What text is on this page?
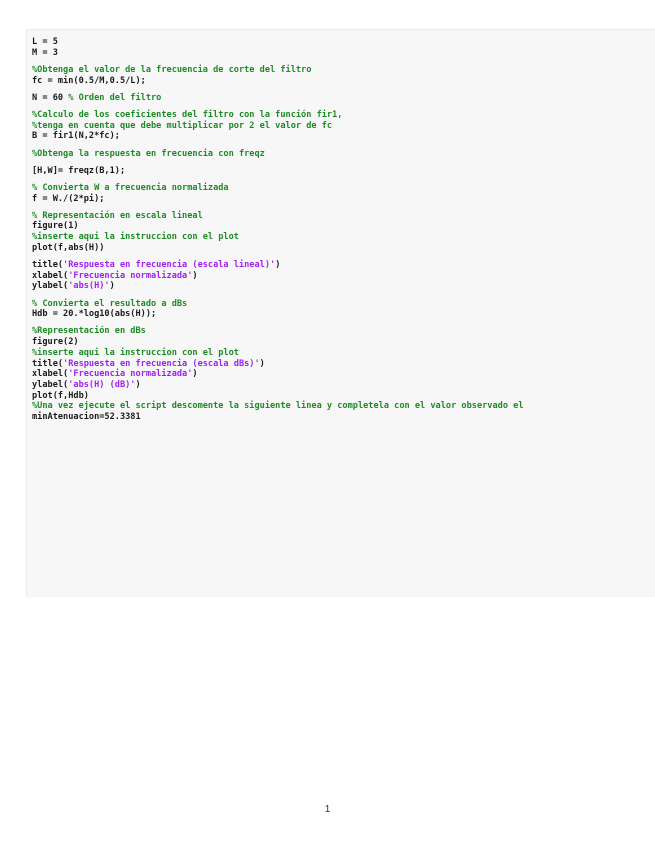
L = 5
M = 3
%Obtenga el valor de la frecuencia de corte del filtro
fc = min(0.5/M,0.5/L);
N = 60 % Orden del filtro
%Calculo de los coeficientes del filtro con la función fir1,
%tenga en cuenta que debe multiplicar por 2 el valor de fc
B = fir1(N,2*fc);
%Obtenga la respuesta en frecuencia con freqz
[H,W]= freqz(B,1);
% Convierta W a frecuencia normalizada
f = W./(2*pi);
% Representación en escala lineal
figure(1)
%inserte aqui la instruccion con el plot
plot(f,abs(H))
title('Respuesta en frecuencia (escala lineal)')
xlabel('Frecuencia normalizada')
ylabel('abs(H)')
% Convierta el resultado a dBs
Hdb = 20.*log10(abs(H));
%Representación en dBs
figure(2)
%inserte aqui la instruccion con el plot
title('Respuesta en frecuencia (escala dBs)')
xlabel('Frecuencia normalizada')
ylabel('abs(H) (dB)')
plot(f,Hdb)
%Una vez ejecute el script descomente la siguiente linea y completela con el valor observado el
minAtenuacion=52.3381
1
